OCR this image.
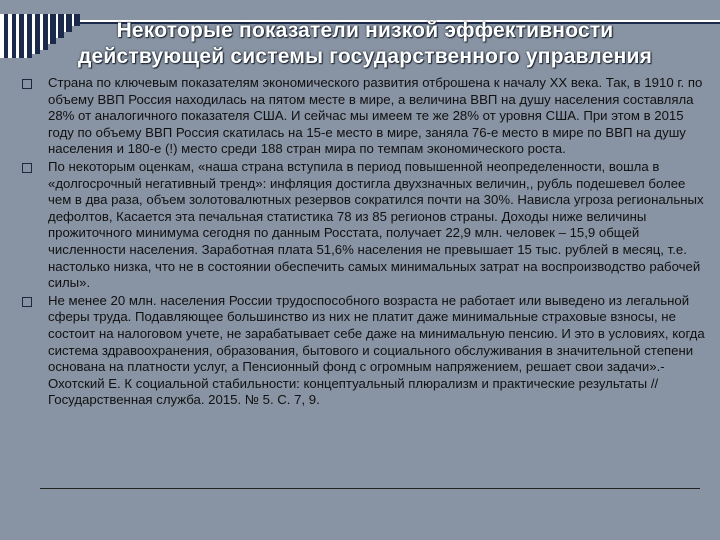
Некоторые показатели низкой эффективности
действующей системы государственного управления
Страна по ключевым показателям экономического развития отброшена к началу XX века. Так, в 1910 г. по объему ВВП Россия находилась на пятом месте в мире, а величина ВВП на душу населения составляла 28% от аналогичного показателя США. И сейчас мы имеем те же 28% от уровня США. При этом в 2015 году по объему ВВП Россия скатилась на 15-е место в мире, заняла 76-е место в мире по ВВП на душу населения и 180-е (!) место среди 188 стран мира по темпам экономического роста.
По некоторым оценкам, «наша страна вступила в период повышенной неопределенности, вошла в «долгосрочный негативный тренд»: инфляция достигла двухзначных величин,, рубль подешевел более чем в два раза, объем золотовалютных резервов сократился почти на 30%. Нависла угроза региональных дефолтов, Касается эта печальная статистика 78 из 85 регионов страны. Доходы ниже величины прожиточного минимума сегодня по данным Росстата, получает 22,9 млн. человек – 15,9 общей численности населения. Заработная плата 51,6% населения не превышает 15 тыс. рублей в месяц, т.е. настолько низка, что не в состоянии обеспечить самых минимальных затрат на воспроизводство рабочей силы».
Не менее 20 млн. населения России трудоспособного возраста не работает или выведено из легальной сферы труда. Подавляющее большинство из них не платит даже минимальные страховые взносы, не состоит на налоговом учете, не зарабатывает себе даже на минимальную пенсию. И это в условиях, когда система здравоохранения, образования, бытового и социального обслуживания в значительной степени основана на платности услуг, а Пенсионный фонд с огромным напряжением, решает свои задачи».- Охотский Е. К социальной стабильности: концептуальный плюрализм и практические результаты // Государственная служба. 2015. № 5. С. 7, 9.
